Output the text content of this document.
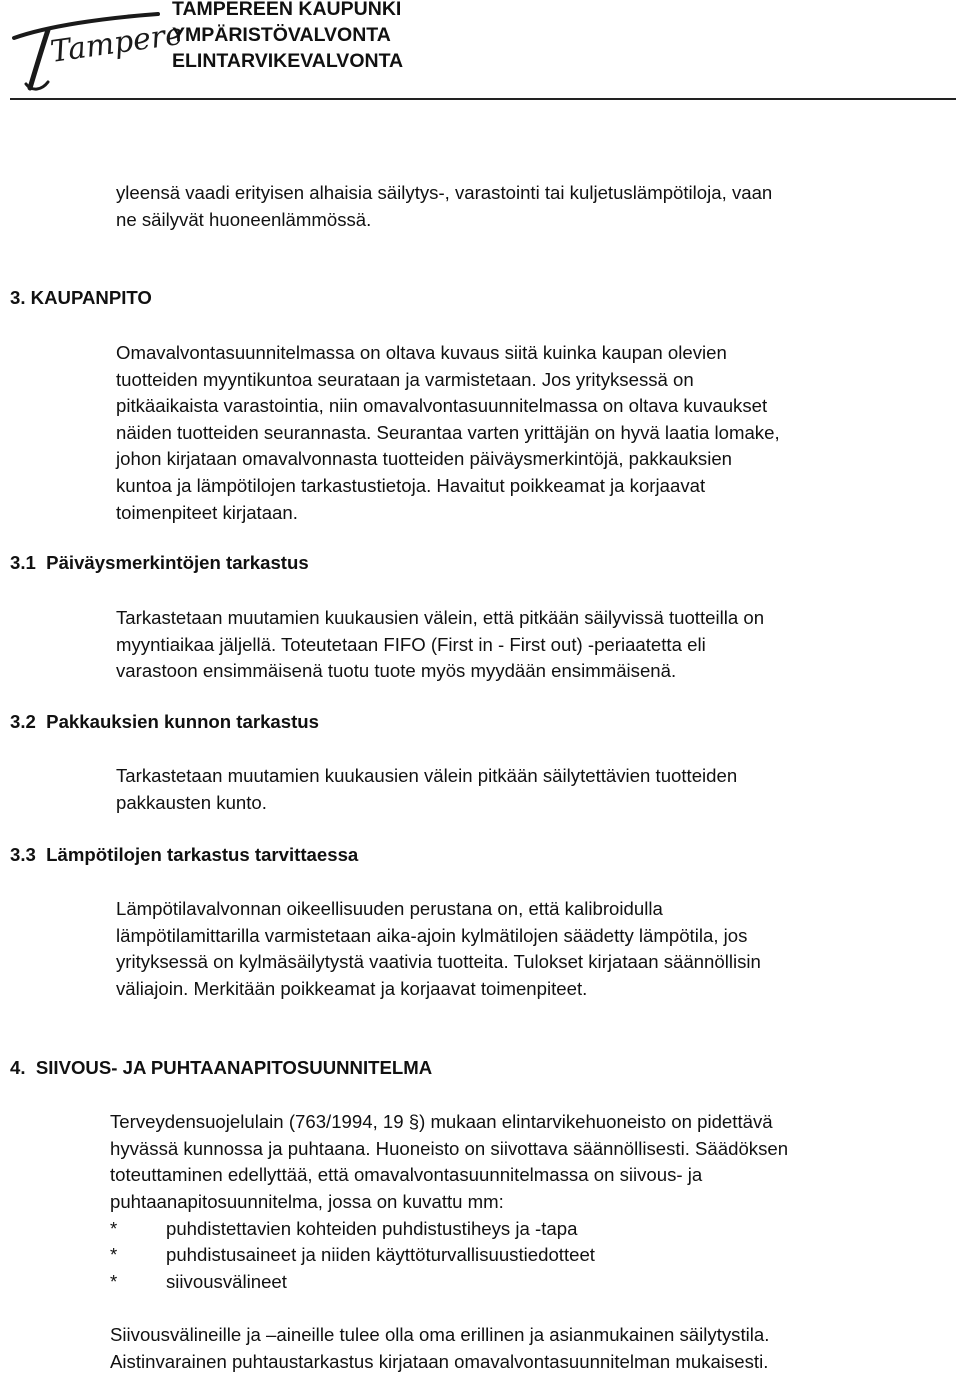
Tampere
TAMPEREEN KAUPUNKI
YMPÄRISTÖVALVONTA
ELINTARVIKEVALVONTA
yleensä vaadi erityisen alhaisia säilytys-, varastointi tai kuljetuslämpötiloja, vaan
ne säilyvät huoneenlämmössä.
3. KAUPANPITO
Omavalvontasuunnitelmassa on oltava kuvaus siitä kuinka kaupan olevien
tuotteiden myyntikuntoa seurataan ja varmistetaan. Jos yrityksessä on
pitkäaikaista varastointia, niin omavalvontasuunnitelmassa on oltava kuvaukset
näiden tuotteiden seurannasta. Seurantaa varten yrittäjän on hyvä laatia lomake,
johon kirjataan omavalvonnasta tuotteiden päiväysmerkintöjä, pakkauksien
kuntoa ja lämpötilojen tarkastustietoja. Havaitut poikkeamat ja korjaavat
toimenpiteet kirjataan.
3.1  Päiväysmerkintöjen tarkastus
Tarkastetaan muutamien kuukausien välein, että pitkään säilyvissä tuotteilla on
myyntiaikaa jäljellä. Toteutetaan FIFO (First in - First out) -periaatetta eli
varastoon ensimmäisenä tuotu tuote myös myydään ensimmäisenä.
3.2  Pakkauksien kunnon tarkastus
Tarkastetaan muutamien kuukausien välein pitkään säilytettävien tuotteiden
pakkausten kunto.
3.3  Lämpötilojen tarkastus tarvittaessa
Lämpötilavalvonnan oikeellisuuden perustana on, että kalibroidulla
lämpötilamittarilla varmistetaan aika-ajoin kylmätilojen säädetty lämpötila, jos
yrityksessä on kylmäsäilytystä vaativia tuotteita. Tulokset kirjataan säännöllisin
väliajoin. Merkitään poikkeamat ja korjaavat toimenpiteet.
4.  SIIVOUS- JA PUHTAANAPITOSUUNNITELMA
Terveydensuojelulain (763/1994, 19 §) mukaan elintarvikehuoneisto on pidettävä
hyvässä kunnossa ja puhtaana. Huoneisto on siivottava säännöllisesti. Säädöksen
toteuttaminen edellyttää, että omavalvontasuunnitelmassa on siivous- ja
puhtaanapitosuunnitelma, jossa on kuvattu mm:
*	puhdistettavien kohteiden puhdistustiheys ja -tapa
*	puhdistusaineet ja niiden käyttöturvallisuustiedotteet
*	siivousvälineet
Siivousvälineille ja –aineille tulee olla oma erillinen ja asianmukainen säilytystila.
Aistinvarainen puhtaustarkastus kirjataan omavalvontasuunnitelman mukaisesti.
